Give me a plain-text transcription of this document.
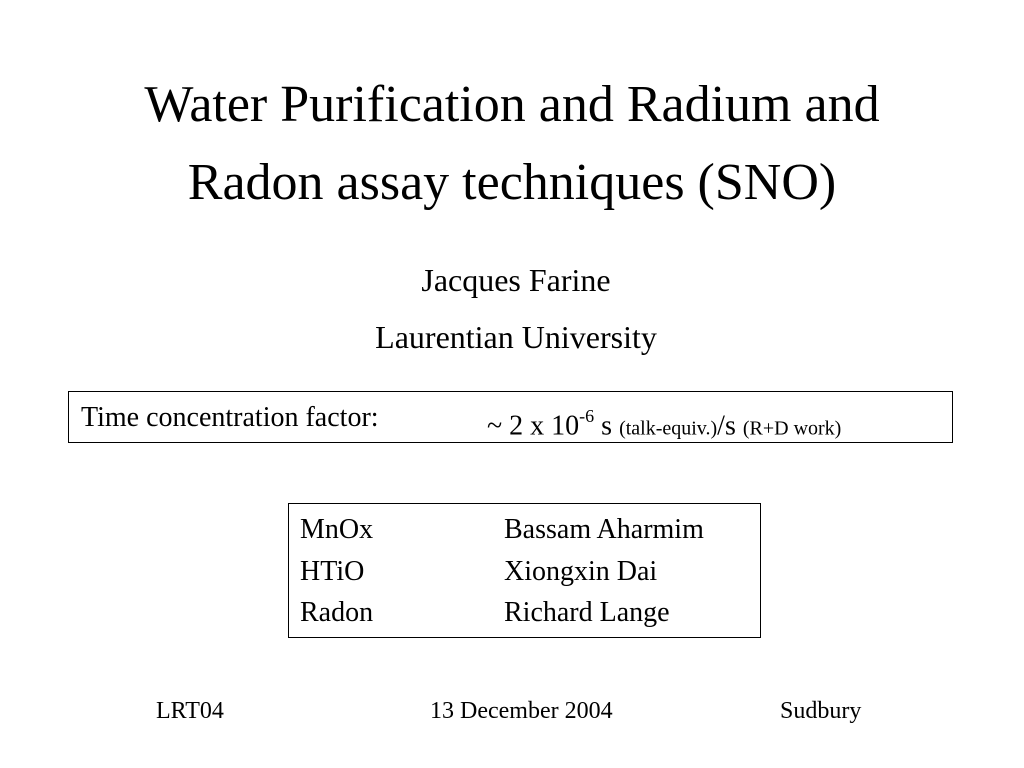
Water Purification and Radium and
Radon assay techniques (SNO)
Jacques Farine
Laurentian University
Time concentration factor:	~ 2 x $10^{-6}$ s (talk-equiv.)/s (R+D work)
MnOx	Bassam Aharmim
HTiO	Xiongxin Dai
Radon	Richard Lange
LRT04	13 December 2004	Sudbury
